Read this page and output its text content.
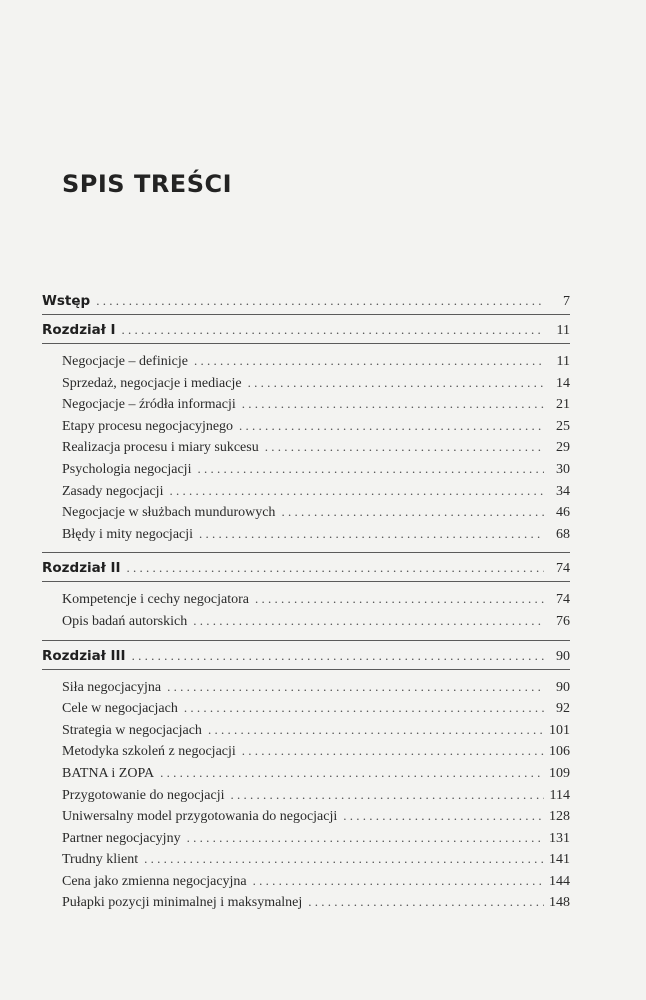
SPIS TREŚCI
Wstęp . . .	7
Rozdział I . . .	11
Negocjacje – definicje . . .	11
Sprzedaż, negocjacje i mediacje . . .	14
Negocjacje – źródła informacji . . .	21
Etapy procesu negocjacyjnego . . .	25
Realizacja procesu i miary sukcesu . . .	29
Psychologia negocjacji . . .	30
Zasady negocjacji . . .	34
Negocjacje w służbach mundurowych . . .	46
Błędy i mity negocjacji . . .	68
Rozdział II . . .	74
Kompetencje i cechy negocjatora . . .	74
Opis badań autorskich . . .	76
Rozdział III . . .	90
Siła negocjacyjna . . .	90
Cele w negocjacjach . . .	92
Strategia w negocjacjach . . .	101
Metodyka szkoleń z negocjacji . . .	106
BATNA i ZOPA . . .	109
Przygotowanie do negocjacji . . .	114
Uniwersalny model przygotowania do negocjacji . . .	128
Partner negocjacyjny . . .	131
Trudny klient . . .	141
Cena jako zmienna negocjacyjna . . .	144
Pułapki pozycji minimalnej i maksymalnej . . .	148
